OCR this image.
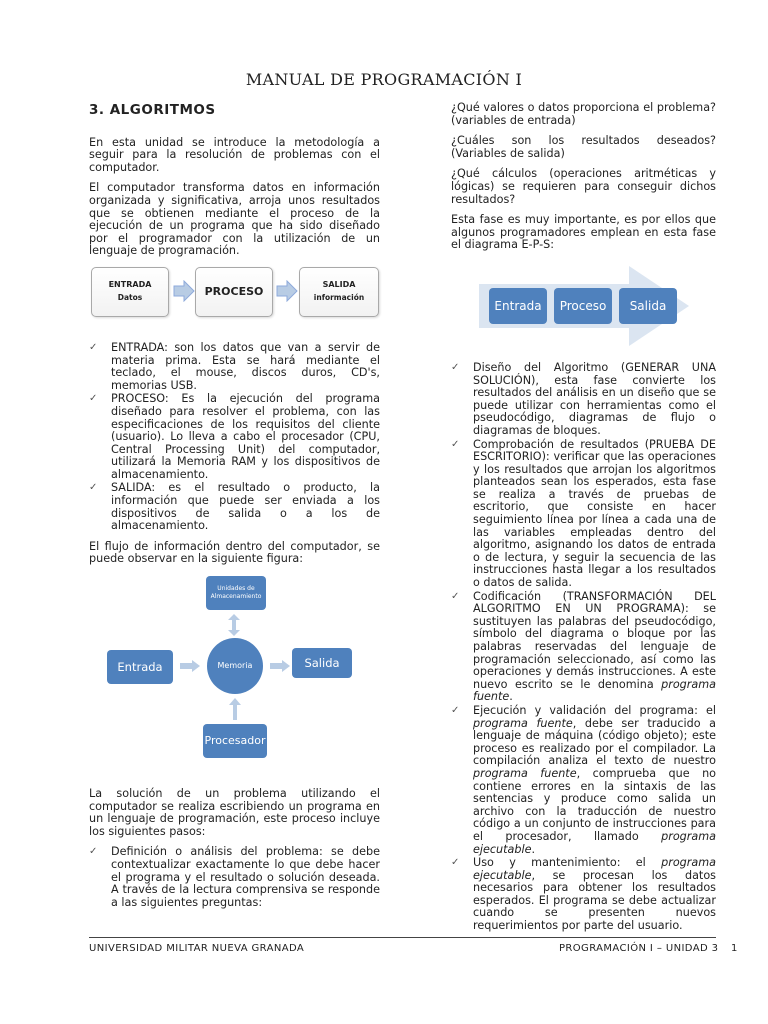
MANUAL DE PROGRAMACIÓN I
3. ALGORITMOS

En esta unidad se introduce la metodología a seguir para la resolución de problemas con el computador.

El computador transforma datos en información organizada y significativa, arroja unos resultados que se obtienen mediante el proceso de la ejecución de un programa que ha sido diseñado por el programador con la utilización de un lenguaje de programación.

ENTRADA
Datos	PROCESO	SALIDA
información
✓ ENTRADA: son los datos que van a servir de materia prima. Esta se hará mediante el teclado, el mouse, discos duros, CD's, memorias USB.
✓ PROCESO: Es la ejecución del programa diseñado para resolver el problema, con las especificaciones de los requisitos del cliente (usuario). Lo lleva a cabo el procesador (CPU, Central Processing Unit) del computador, utilizará la Memoria RAM y los dispositivos de almacenamiento.
✓ SALIDA: es el resultado o producto, la información que puede ser enviada a los dispositivos de salida o a los de almacenamiento.

El flujo de información dentro del computador, se puede observar en la siguiente figura:

Unidades de Almacenamiento
Entrada	Memoria	Salida
Procesador

La solución de un problema utilizando el computador se realiza escribiendo un programa en un lenguaje de programación, este proceso incluye los siguientes pasos:

✓ Definición o análisis del problema: se debe contextualizar exactamente lo que debe hacer el programa y el resultado o solución deseada. A través de la lectura comprensiva se responde a las siguientes preguntas:

¿Qué valores o datos proporciona el problema? (variables de entrada)

¿Cuáles son los resultados deseados? (Variables de salida)

¿Qué cálculos (operaciones aritméticas y lógicas) se requieren para conseguir dichos resultados?

Esta fase es muy importante, es por ellos que algunos programadores emplean en esta fase el diagrama E-P-S:

Entrada	Proceso	Salida
✓ Diseño del Algoritmo (GENERAR UNA SOLUCIÓN), esta fase convierte los resultados del análisis en un diseño que se puede utilizar con herramientas como el pseudocódigo, diagramas de flujo o diagramas de bloques.
✓ Comprobación de resultados (PRUEBA DE ESCRITORIO): verificar que las operaciones y los resultados que arrojan los algoritmos planteados sean los esperados, esta fase se realiza a través de pruebas de escritorio, que consiste en hacer seguimiento línea por línea a cada una de las variables empleadas dentro del algoritmo, asignando los datos de entrada o de lectura, y seguir la secuencia de las instrucciones hasta llegar a los resultados o datos de salida.
✓ Codificación (TRANSFORMACIÓN DEL ALGORITMO EN UN PROGRAMA): se sustituyen las palabras del pseudocódigo, símbolo del diagrama o bloque por las palabras reservadas del lenguaje de programación seleccionado, así como las operaciones y demás instrucciones. A este nuevo escrito se le denomina programa fuente.
✓ Ejecución y validación del programa: el programa fuente, debe ser traducido a lenguaje de máquina (código objeto); este proceso es realizado por el compilador. La compilación analiza el texto de nuestro programa fuente, comprueba que no contiene errores en la sintaxis de las sentencias y produce como salida un archivo con la traducción de nuestro código a un conjunto de instrucciones para el procesador, llamado programa ejecutable.
✓ Uso y mantenimiento: el programa ejecutable, se procesan los datos necesarios para obtener los resultados esperados. El programa se debe actualizar cuando se presenten nuevos requerimientos por parte del usuario.
UNIVERSIDAD MILITAR NUEVA GRANADA	PROGRAMACIÓN I – UNIDAD 3 1
